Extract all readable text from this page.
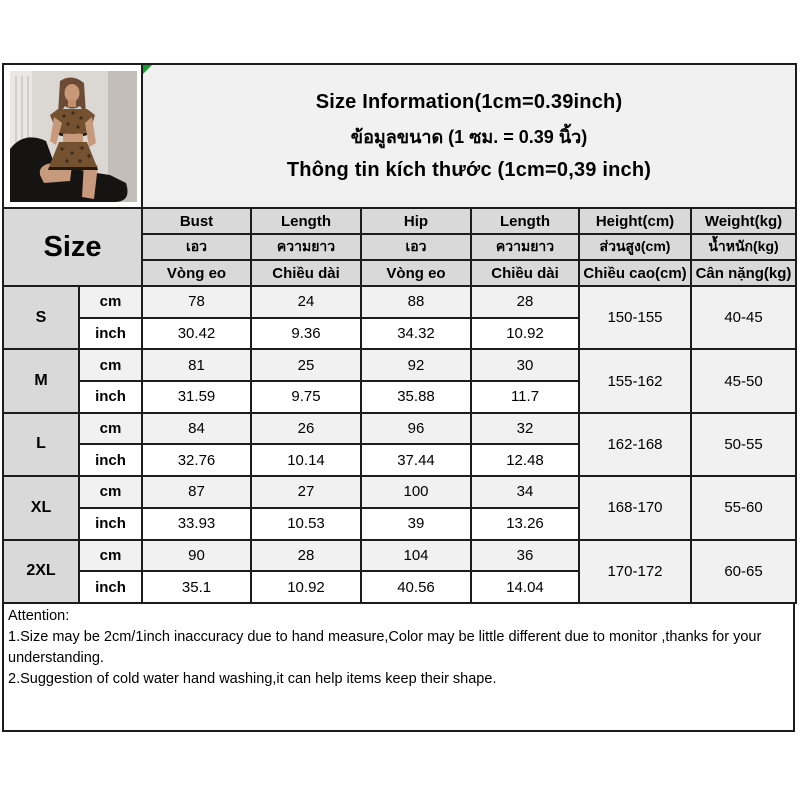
Size Information(1cm=0.39inch)
ข้อมูลขนาด (1 ซม. = 0.39 นิ้ว)
Thông tin kích thước (1cm=0,39 inch)					

Size		Bust	Length	Hip	Length	Height(cm)	Weight(kg)
		เอว	ความยาว	เอว	ความยาว	ส่วนสูง(cm)	น้ำหนัก(kg)
		Vòng eo	Chiều dài	Vòng eo	Chiều dài	Chiều cao(cm)	Cân nặng(kg)
S	cm	78	24	88	28	150-155	40-45
	inch	30.42	9.36	34.32	10.92		
M	cm	81	25	92	30	155-162	45-50
	inch	31.59	9.75	35.88	11.7		
L	cm	84	26	96	32	162-168	50-55
	inch	32.76	10.14	37.44	12.48		
XL	cm	87	27	100	34	168-170	55-60
	inch	33.93	10.53	39	13.26		
2XL	cm	90	28	104	36	170-172	60-65
	inch	35.1	10.92	40.56	14.04		
Attention:
1.Size may be 2cm/1inch inaccuracy due to hand measure,Color may be little different due to monitor ,thanks for your understanding.
2.Suggestion of cold water hand washing,it can help items keep their shape.
